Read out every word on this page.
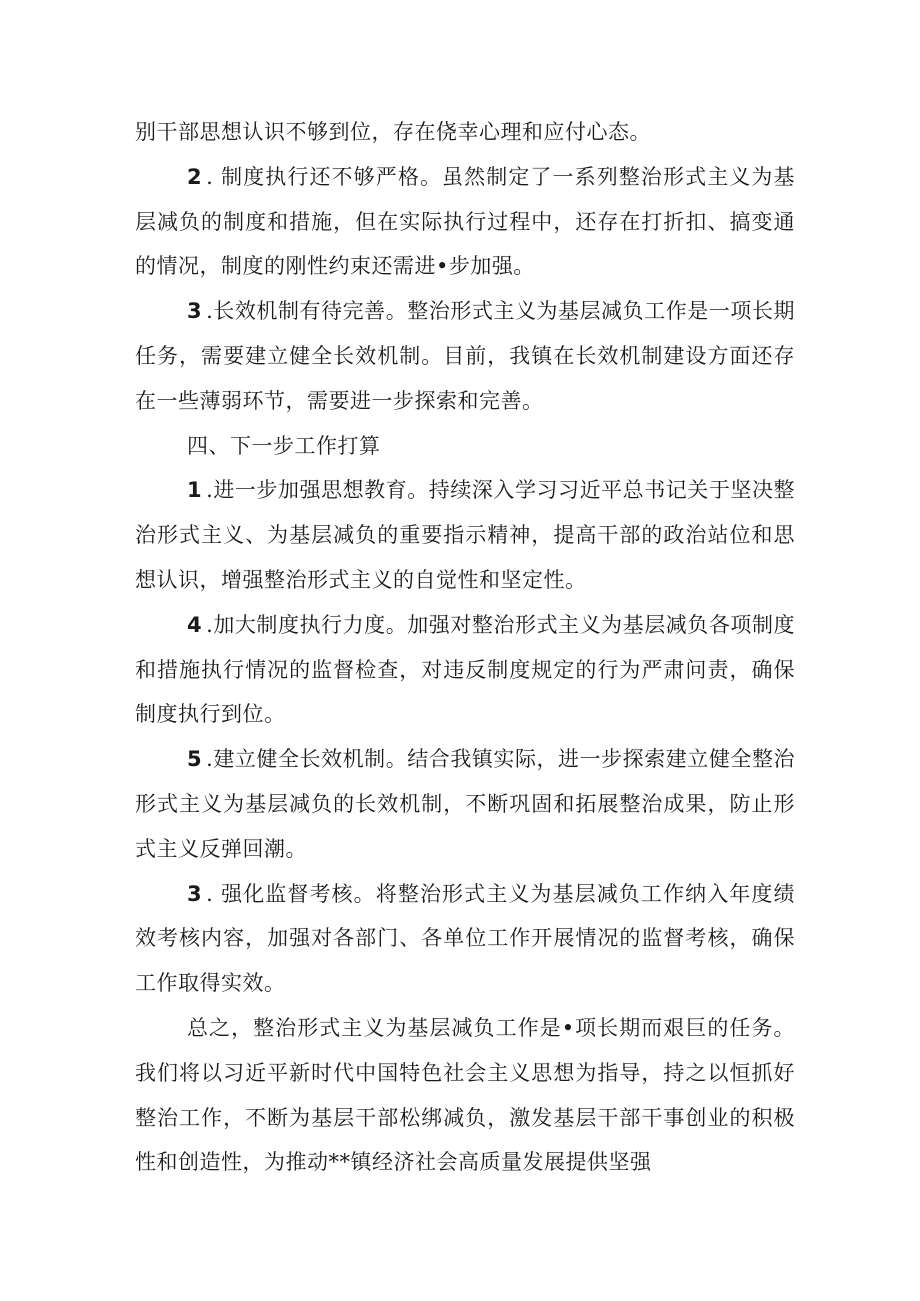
别干部思想认识不够到位，存在侥幸心理和应付心态。

2 . 制度执行还不够严格。虽然制定了一系列整治形式主义为基层减负的制度和措施，但在实际执行过程中，还存在打折扣、搞变通的情况，制度的刚性约束还需进•步加强。

3 .长效机制有待完善。整治形式主义为基层减负工作是一项长期任务，需要建立健全长效机制。目前，我镇在长效机制建设方面还存在一些薄弱环节，需要进一步探索和完善。

四、下一步工作打算

1 .进一步加强思想教育。持续深入学习习近平总书记关于坚决整治形式主义、为基层减负的重要指示精神，提高干部的政治站位和思想认识，增强整治形式主义的自觉性和坚定性。

4 .加大制度执行力度。加强对整治形式主义为基层减负各项制度和措施执行情况的监督检查，对违反制度规定的行为严肃问责，确保制度执行到位。

5 .建立健全长效机制。结合我镇实际，进一步探索建立健全整治形式主义为基层减负的长效机制，不断巩固和拓展整治成果，防止形式主义反弹回潮。

3 . 强化监督考核。将整治形式主义为基层减负工作纳入年度绩效考核内容，加强对各部门、各单位工作开展情况的监督考核，确保工作取得实效。

总之，整治形式主义为基层减负工作是•项长期而艰巨的任务。我们将以习近平新时代中国特色社会主义思想为指导，持之以恒抓好整治工作，不断为基层干部松绑减负，激发基层干部干事创业的积极性和创造性，为推动**镇经济社会高质量发展提供坚强
